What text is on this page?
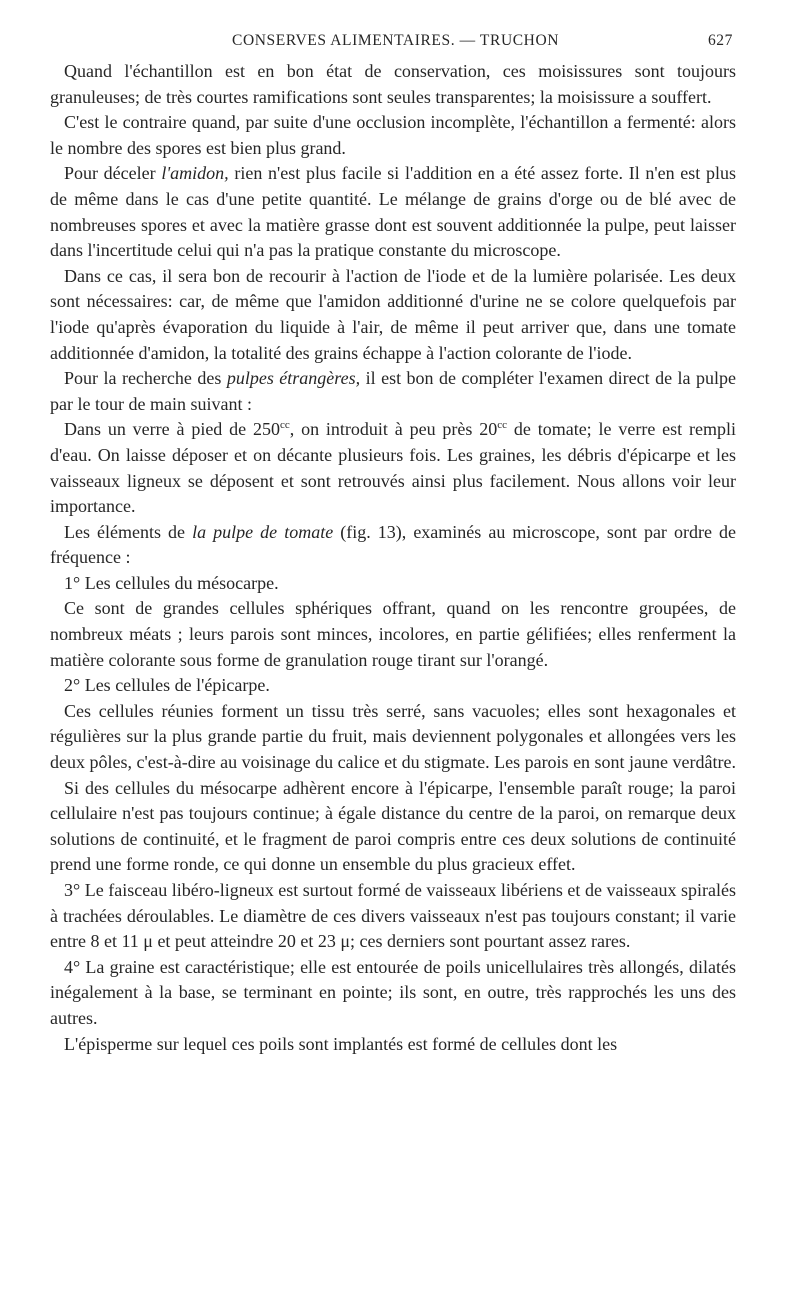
CONSERVES ALIMENTAIRES. — TRUCHON	627

Quand l'échantillon est en bon état de conservation, ces moisissures sont toujours granuleuses; de très courtes ramifications sont seules transparentes; la moisissure a souffert.

C'est le contraire quand, par suite d'une occlusion incomplète, l'échantillon a fermenté: alors le nombre des spores est bien plus grand.

Pour déceler l'amidon, rien n'est plus facile si l'addition en a été assez forte. Il n'en est plus de même dans le cas d'une petite quantité. Le mélange de grains d'orge ou de blé avec de nombreuses spores et avec la matière grasse dont est souvent additionnée la pulpe, peut laisser dans l'incertitude celui qui n'a pas la pratique constante du microscope.

Dans ce cas, il sera bon de recourir à l'action de l'iode et de la lumière polarisée. Les deux sont nécessaires: car, de même que l'amidon additionné d'urine ne se colore quelquefois par l'iode qu'après évaporation du liquide à l'air, de même il peut arriver que, dans une tomate additionnée d'amidon, la totalité des grains échappe à l'action colorante de l'iode.

Pour la recherche des pulpes étrangères, il est bon de compléter l'examen direct de la pulpe par le tour de main suivant :

Dans un verre à pied de $250^{cc}$, on introduit à peu près $20^{cc}$ de tomate; le verre est rempli d'eau. On laisse déposer et on décante plusieurs fois. Les graines, les débris d'épicarpe et les vaisseaux ligneux se déposent et sont retrouvés ainsi plus facilement. Nous allons voir leur importance.

Les éléments de la pulpe de tomate (fig. 13), examinés au microscope, sont par ordre de fréquence :

1° Les cellules du mésocarpe.

Ce sont de grandes cellules sphériques offrant, quand on les rencontre groupées, de nombreux méats ; leurs parois sont minces, incolores, en partie gélifiées; elles renferment la matière colorante sous forme de granulation rouge tirant sur l'orangé.

2° Les cellules de l'épicarpe.

Ces cellules réunies forment un tissu très serré, sans vacuoles; elles sont hexagonales et régulières sur la plus grande partie du fruit, mais deviennent polygonales et allongées vers les deux pôles, c'est-à-dire au voisinage du calice et du stigmate. Les parois en sont jaune verdâtre.

Si des cellules du mésocarpe adhèrent encore à l'épicarpe, l'ensemble paraît rouge; la paroi cellulaire n'est pas toujours continue; à égale distance du centre de la paroi, on remarque deux solutions de continuité, et le fragment de paroi compris entre ces deux solutions de continuité prend une forme ronde, ce qui donne un ensemble du plus gracieux effet.

3° Le faisceau libéro-ligneux est surtout formé de vaisseaux libériens et de vaisseaux spiralés à trachées déroulables. Le diamètre de ces divers vaisseaux n'est pas toujours constant; il varie entre 8 et 11 μ et peut atteindre 20 et 23 μ; ces derniers sont pourtant assez rares.

4° La graine est caractéristique; elle est entourée de poils unicellulaires très allongés, dilatés inégalement à la base, se terminant en pointe; ils sont, en outre, très rapprochés les uns des autres.

L'épisperme sur lequel ces poils sont implantés est formé de cellules dont les
